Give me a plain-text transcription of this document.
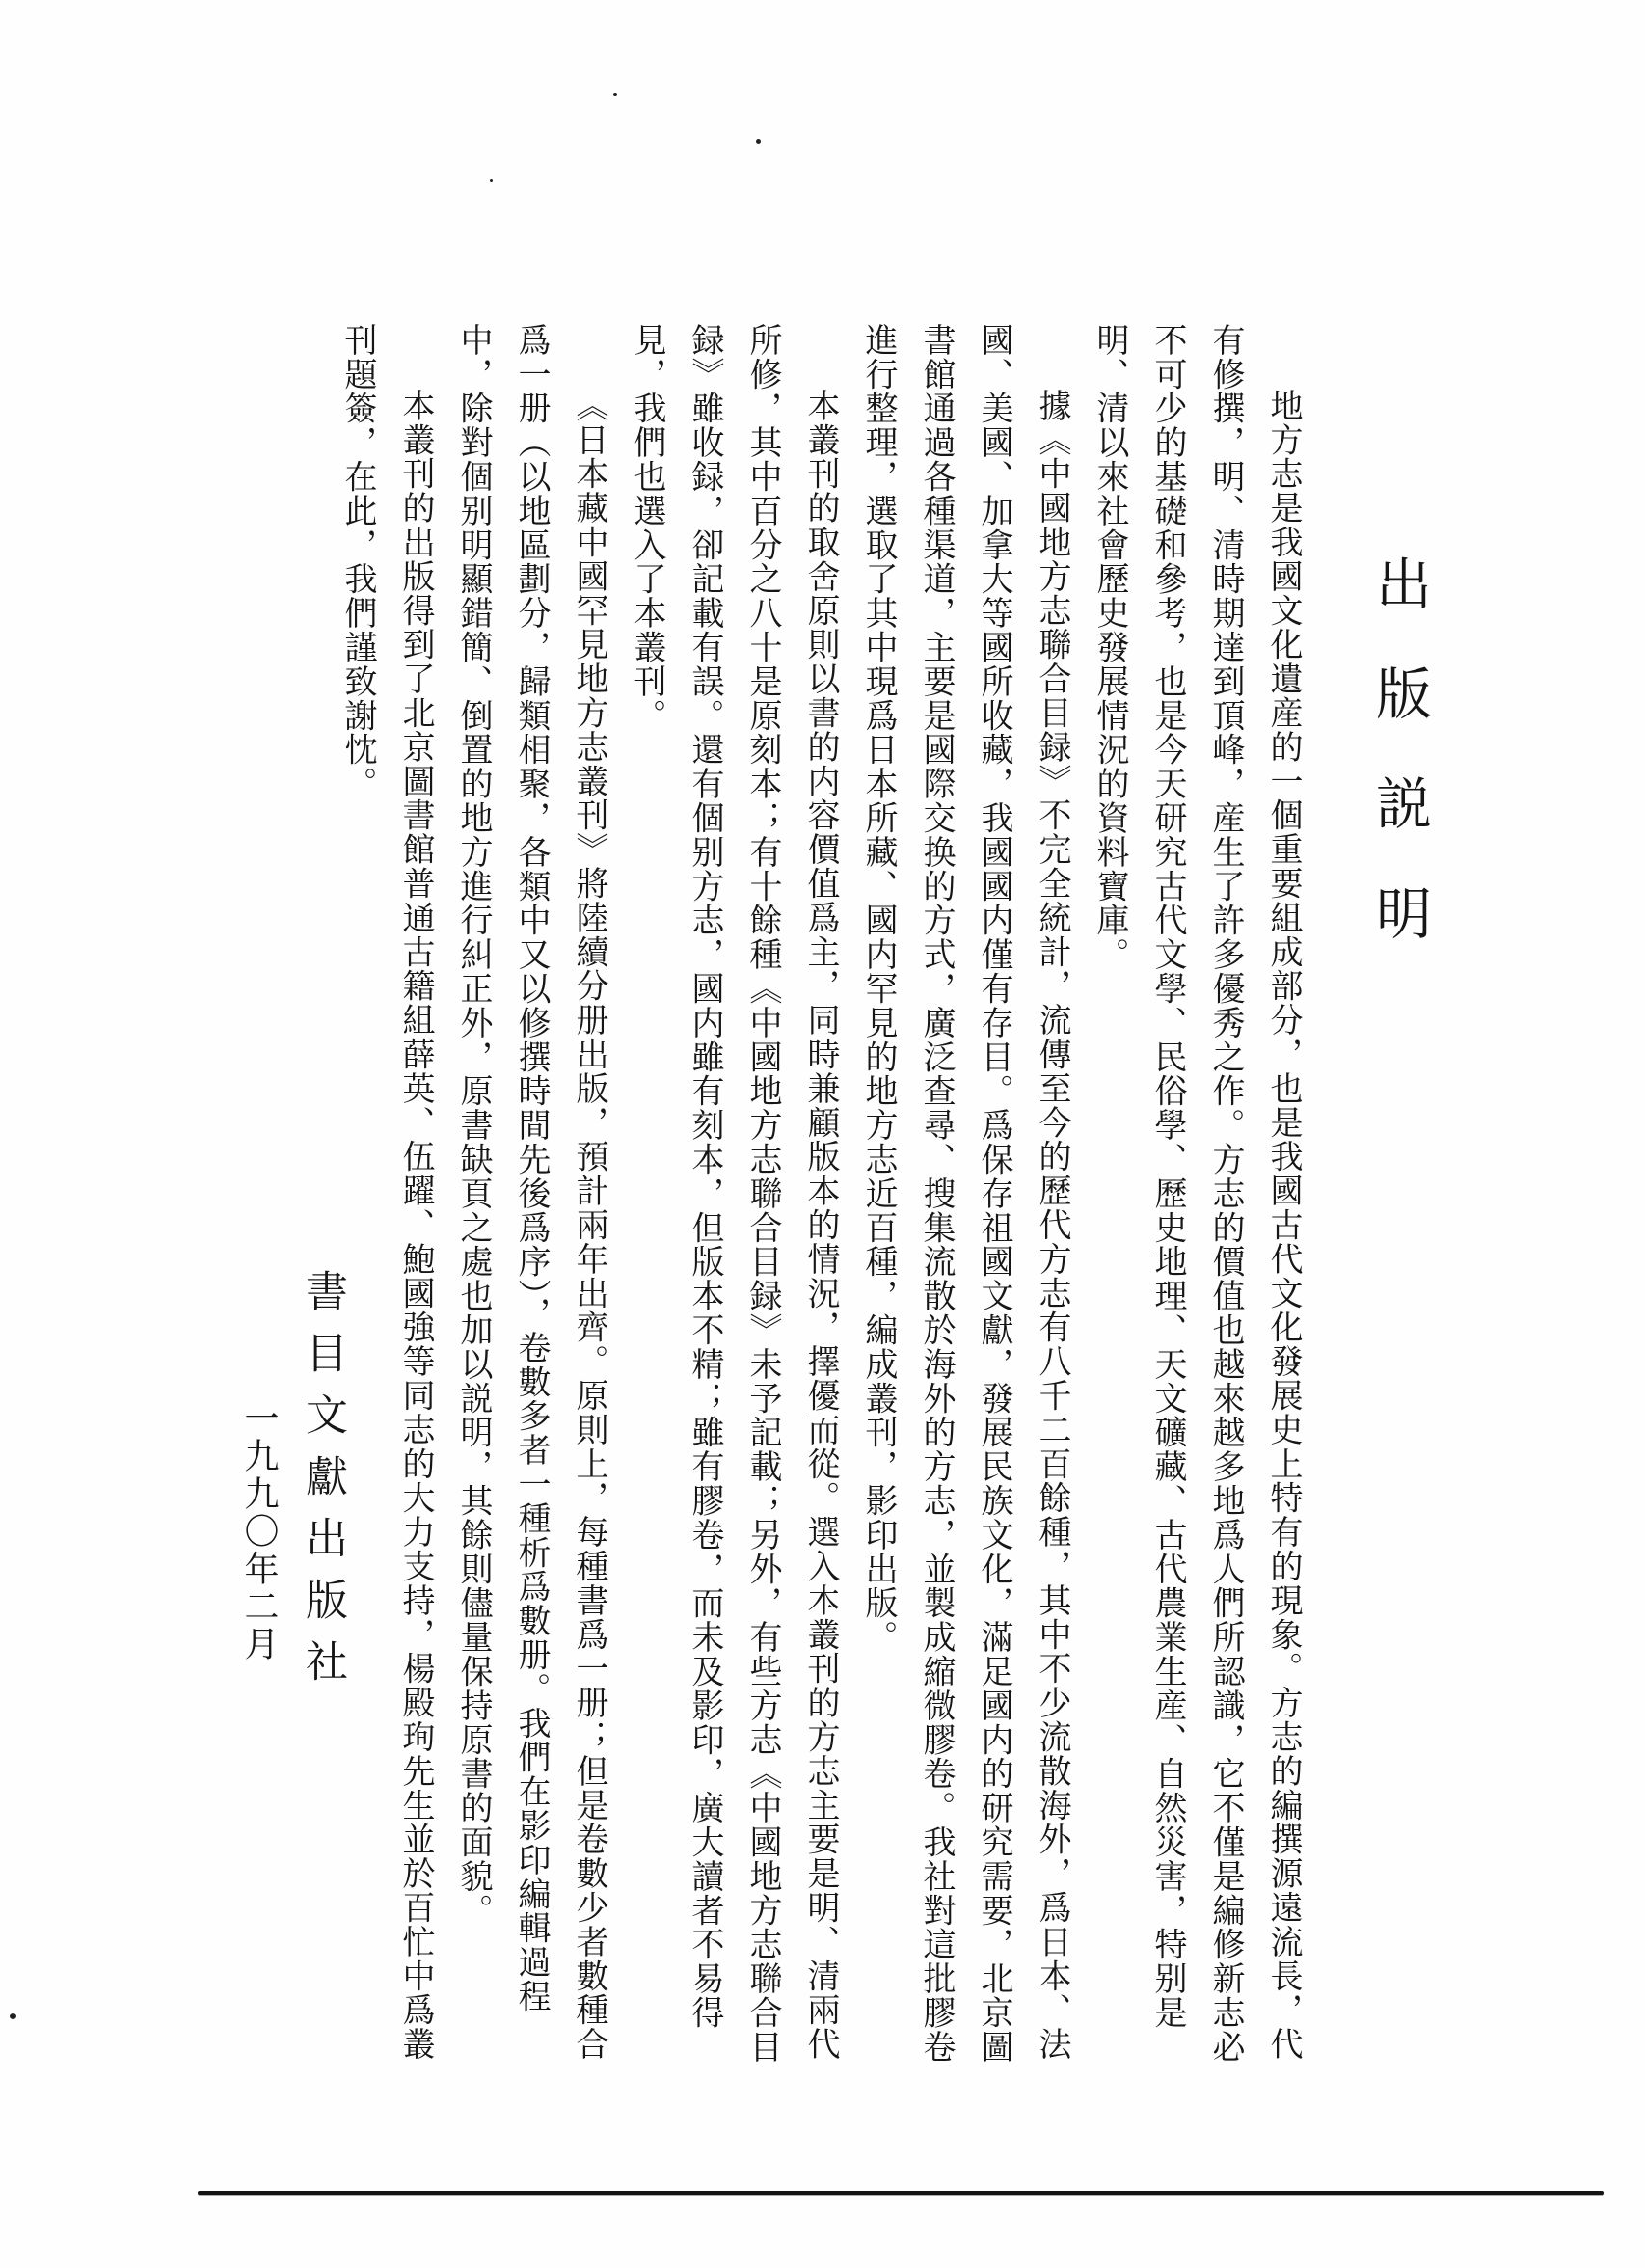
出版説明

地方志是我國文化遺産的一個重要組成部分，也是我國古代文化發展史上特有的現象。方志的編撰源遠流長，代有修撰，明、清時期達到頂峰，産生了許多優秀之作。方志的價值也越來越多地爲人們所認識，它不僅是編修新志必不可少的基礎和參考，也是今天研究古代文學、民俗學、歷史地理、天文礦藏、古代農業生産、自然災害，特别是明、清以來社會歷史發展情況的資料寶庫。

據《中國地方志聯合目録》不完全統計，流傳至今的歷代方志有八千二百餘種，其中不少流散海外，爲日本、法國、美國、加拿大等國所收藏，我國國内僅有存目。爲保存祖國文獻，發展民族文化，滿足國内的研究需要，北京圖書館通過各種渠道，主要是國際交换的方式，廣泛查尋、搜集流散於海外的方志，並製成縮微膠卷。我社對這批膠卷進行整理，選取了其中現爲日本所藏、國内罕見的地方志近百種，編成叢刊，影印出版。

本叢刊的取舍原則以書的内容價值爲主，同時兼顧版本的情況，擇優而從。選入本叢刊的方志主要是明、清兩代所修，其中百分之八十是原刻本；有十餘種《中國地方志聯合目録》未予記載；另外，有些方志《中國地方志聯合目録》雖收録，卻記載有誤。還有個别方志，國内雖有刻本，但版本不精；雖有膠卷，而未及影印，廣大讀者不易得見，我們也選入了本叢刊。

《日本藏中國罕見地方志叢刊》將陸續分册出版，預計兩年出齊。原則上，每種書爲一册；但是卷數少者數種合爲一册（以地區劃分，歸類相聚，各類中又以修撰時間先後爲序），卷數多者一種析爲數册。我們在影印編輯過程中，除對個别明顯錯簡、倒置的地方進行糾正外，原書缺頁之處也加以説明，其餘則儘量保持原書的面貌。

本叢刊的出版得到了北京圖書館普通古籍組薛英、伍躍、鮑國強等同志的大力支持，楊殿珣先生並於百忙中爲叢刊題簽，在此，我們謹致謝忱。

書目文獻出版社
一九九〇年二月
